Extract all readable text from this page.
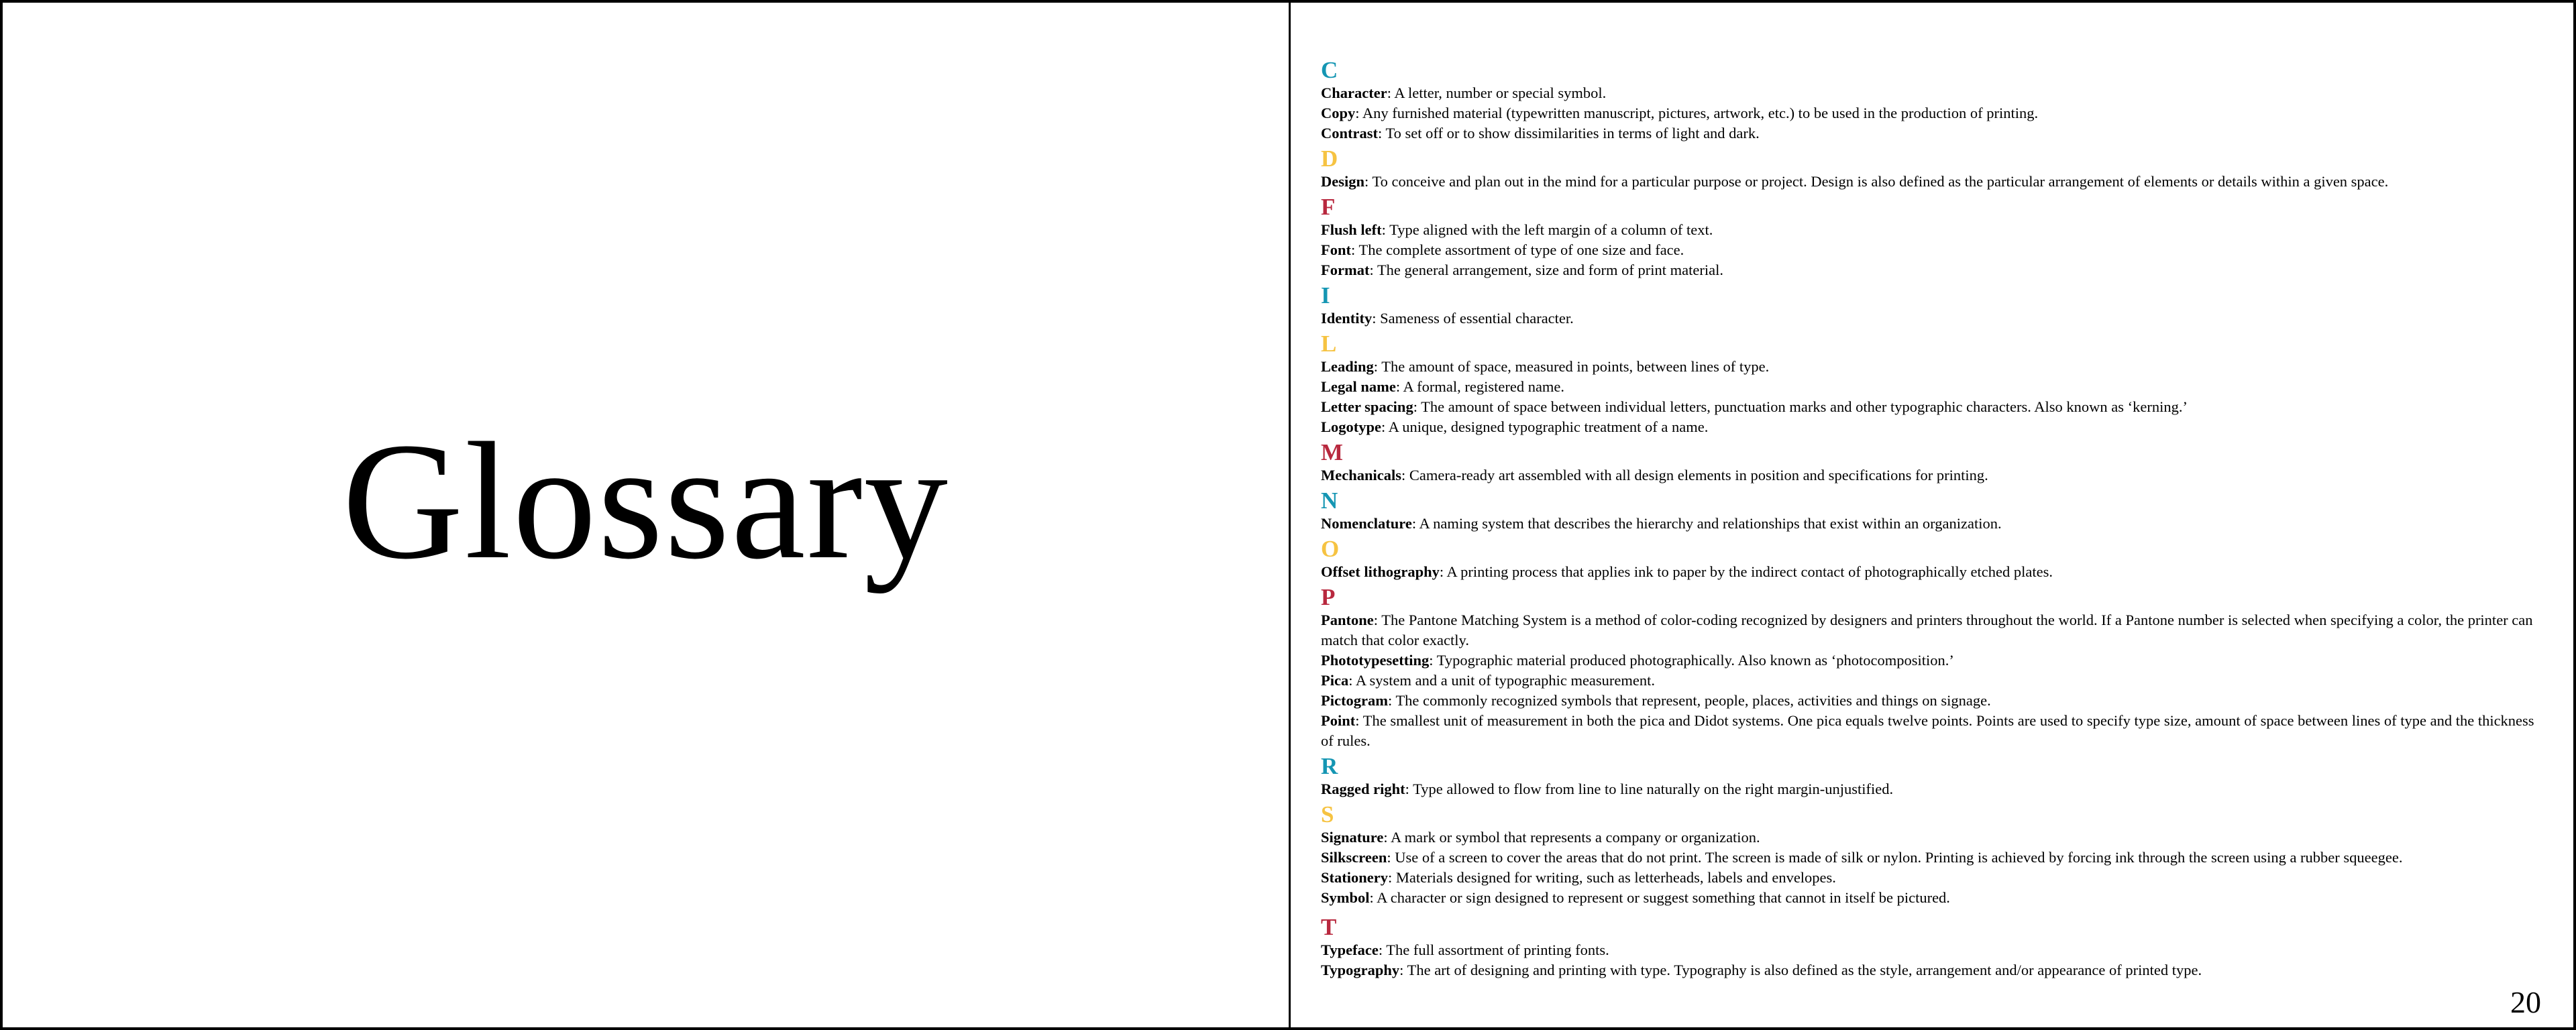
Glossary
C

Character: A letter, number or special symbol.

Copy: Any furnished material (typewritten manuscript, pictures, artwork, etc.) to be used in the production of printing.

Contrast: To set off or to show dissimilarities in terms of light and dark.

D

Design: To conceive and plan out in the mind for a particular purpose or project. Design is also defined as the particular arrangement of elements or details within a given space.

F

Flush left: Type aligned with the left margin of a column of text.

Font: The complete assortment of type of one size and face.

Format: The general arrangement, size and form of print material.

I

Identity: Sameness of essential character.

L

Leading: The amount of space, measured in points, between lines of type.

Legal name: A formal, registered name.

Letter spacing: The amount of space between individual letters, punctuation marks and other typographic characters. Also known as ‘kerning.’

Logotype: A unique, designed typographic treatment of a name.

M

Mechanicals: Camera-ready art assembled with all design elements in position and specifications for printing.

N

Nomenclature: A naming system that describes the hierarchy and relationships that exist within an organization.

O

Offset lithography: A printing process that applies ink to paper by the indirect contact of photographically etched plates.

P

Pantone: The Pantone Matching System is a method of color-coding recognized by designers and printers throughout the world. If a Pantone number is selected when specifying a color, the printer can match that color exactly.

Phototypesetting: Typographic material produced photographically. Also known as ‘photocomposition.’

Pica: A system and a unit of typographic measurement.

Pictogram: The commonly recognized symbols that represent, people, places, activities and things on signage.

Point: The smallest unit of measurement in both the pica and Didot systems. One pica equals twelve points. Points are used to specify type size, amount of space between lines of type and the thickness of rules.

R

Ragged right: Type allowed to flow from line to line naturally on the right margin-unjustified.

S

Signature: A mark or symbol that represents a company or organization.

Silkscreen: Use of a screen to cover the areas that do not print. The screen is made of silk or nylon. Printing is achieved by forcing ink through the screen using a rubber squeegee.

Stationery: Materials designed for writing, such as letterheads, labels and envelopes.

Symbol: A character or sign designed to represent or suggest something that cannot in itself be pictured.

T

Typeface: The full assortment of printing fonts.

Typography: The art of designing and printing with type. Typography is also defined as the style, arrangement and/or appearance of printed type.

20
